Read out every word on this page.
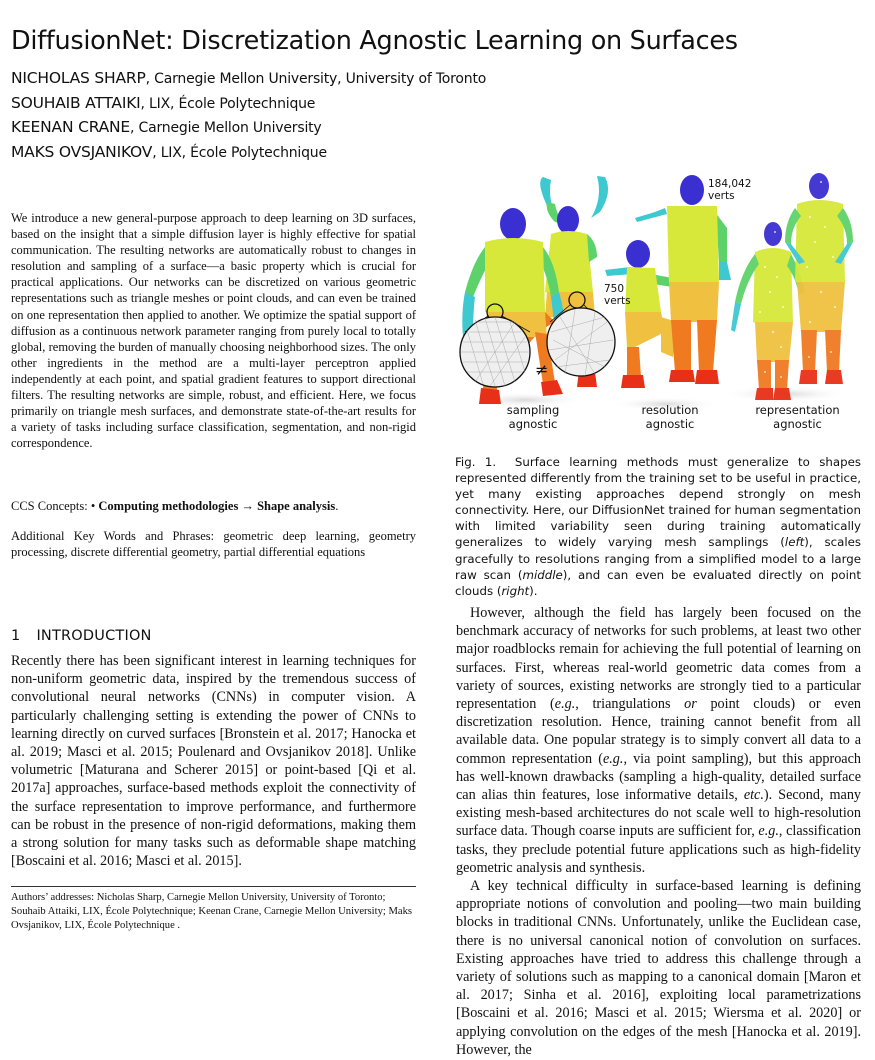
DiffusionNet: Discretization Agnostic Learning on Surfaces
NICHOLAS SHARP, Carnegie Mellon University, University of Toronto
SOUHAIB ATTAIKI, LIX, École Polytechnique
KEENAN CRANE, Carnegie Mellon University
MAKS OVSJANIKOV, LIX, École Polytechnique
We introduce a new general-purpose approach to deep learning on 3D surfaces, based on the insight that a simple diffusion layer is highly effective for spatial communication. The resulting networks are automatically robust to changes in resolution and sampling of a surface—a basic property which is crucial for practical applications. Our networks can be discretized on various geometric representations such as triangle meshes or point clouds, and can even be trained on one representation then applied to another. We optimize the spatial support of diffusion as a continuous network parameter ranging from purely local to totally global, removing the burden of manually choosing neighborhood sizes. The only other ingredients in the method are a multi-layer perceptron applied independently at each point, and spatial gradient features to support directional filters. The resulting networks are simple, robust, and efficient. Here, we focus primarily on triangle mesh surfaces, and demonstrate state-of-the-art results for a variety of tasks including surface classification, segmentation, and non-rigid correspondence.
CCS Concepts: • Computing methodologies → Shape analysis.
Additional Key Words and Phrases: geometric deep learning, geometry processing, discrete differential geometry, partial differential equations
≠
750
verts
184,042
verts
sampling
agnostic
resolution
agnostic
representation
agnostic
Fig. 1. Surface learning methods must generalize to shapes represented differently from the training set to be useful in practice, yet many existing approaches depend strongly on mesh connectivity. Here, our DiffusionNet trained for human segmentation with limited variability seen during training automatically generalizes to widely varying mesh samplings (left), scales gracefully to resolutions ranging from a simplified model to a large raw scan (middle), and can even be evaluated directly on point clouds (right).
1 INTRODUCTION
Recently there has been significant interest in learning techniques for non-uniform geometric data, inspired by the tremendous success of convolutional neural networks (CNNs) in computer vision. A particularly challenging setting is extending the power of CNNs to learning directly on curved surfaces [Bronstein et al. 2017; Hanocka et al. 2019; Masci et al. 2015; Poulenard and Ovsjanikov 2018]. Unlike volumetric [Maturana and Scherer 2015] or point-based [Qi et al. 2017a] approaches, surface-based methods exploit the connectivity of the surface representation to improve performance, and furthermore can be robust in the presence of non-rigid deformations, making them a strong solution for many tasks such as deformable shape matching [Boscaini et al. 2016; Masci et al. 2015].
Authors’ addresses: Nicholas Sharp, Carnegie Mellon University, University of Toronto; Souhaib Attaiki, LIX, École Polytechnique; Keenan Crane, Carnegie Mellon University; Maks Ovsjanikov, LIX, École Polytechnique .

However, although the field has largely been focused on the benchmark accuracy of networks for such problems, at least two other major roadblocks remain for achieving the full potential of learning on surfaces. First, whereas real-world geometric data comes from a variety of sources, existing networks are strongly tied to a particular representation (e.g., triangulations or point clouds) or even discretization resolution. Hence, training cannot benefit from all available data. One popular strategy is to simply convert all data to a common representation (e.g., via point sampling), but this approach has well-known drawbacks (sampling a high-quality, detailed surface can alias thin features, lose informative details, etc.). Second, many existing mesh-based architectures do not scale well to high-resolution surface data. Though coarse inputs are sufficient for, e.g., classification tasks, they preclude potential future applications such as high-fidelity geometric analysis and synthesis.

A key technical difficulty in surface-based learning is defining appropriate notions of convolution and pooling—two main building blocks in traditional CNNs. Unfortunately, unlike the Euclidean case, there is no universal canonical notion of convolution on surfaces. Existing approaches have tried to address this challenge through a variety of solutions such as mapping to a canonical domain [Maron et al. 2017; Sinha et al. 2016], exploiting local parametrizations [Boscaini et al. 2016; Masci et al. 2015; Wiersma et al. 2020] or applying convolution on the edges of the mesh [Hanocka et al. 2019]. However, the
